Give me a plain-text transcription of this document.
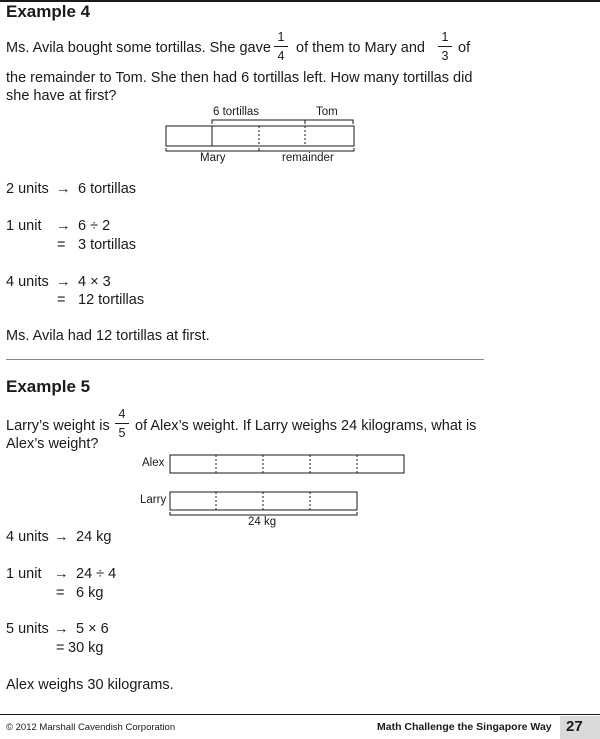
Example 4
Ms. Avila bought some tortillas. She gave
1
4 of them to Mary and
1
3 of
the remainder to Tom. She then had 6 tortillas left. How many tortillas did
she have at first?
6 tortillas	Tom
Mary	remainder
2 units → 6 tortillas
1 unit → 6 ÷ 2
= 3 tortillas
4 units → 4 × 3
= 12 tortillas
Ms. Avila had 12 tortillas at first.
Example 5
Larry’s weight is
4
5 of Alex’s weight. If Larry weighs 24 kilograms, what is
Alex’s weight?
Alex
Larry
24 kg
4 units → 24 kg
1 unit → 24 ÷ 4
= 6 kg
5 units → 5 × 6
= 30 kg
Alex weighs 30 kilograms.
© 2012 Marshall Cavendish Corporation	Math Challenge the Singapore Way 27
